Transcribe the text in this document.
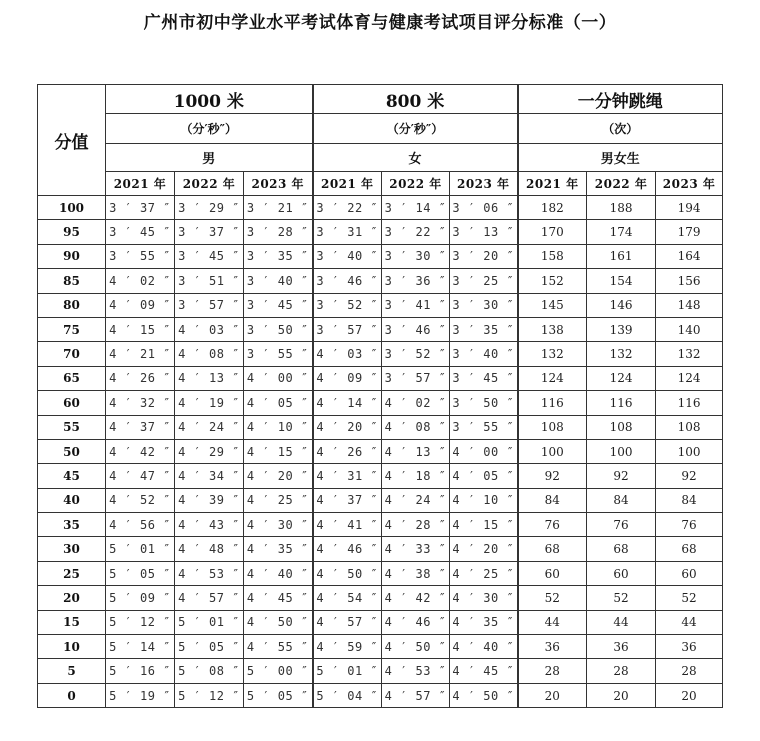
广州市初中学业水平考试体育与健康考试项目评分标准（一）
分值	1000 米			800 米			一分钟跳绳		
	（分′秒″）			（分′秒″）			（次）		
	男			女			男女生		
	2021 年	2022 年	2023 年	2021 年	2022 年	2023 年	2021 年	2022 年	2023 年
100	3 ′ 37 ″	3 ′ 29 ″	3 ′ 21 ″	3 ′ 22 ″	3 ′ 14 ″	3 ′ 06 ″	182	188	194
95	3 ′ 45 ″	3 ′ 37 ″	3 ′ 28 ″	3 ′ 31 ″	3 ′ 22 ″	3 ′ 13 ″	170	174	179
90	3 ′ 55 ″	3 ′ 45 ″	3 ′ 35 ″	3 ′ 40 ″	3 ′ 30 ″	3 ′ 20 ″	158	161	164
85	4 ′ 02 ″	3 ′ 51 ″	3 ′ 40 ″	3 ′ 46 ″	3 ′ 36 ″	3 ′ 25 ″	152	154	156
80	4 ′ 09 ″	3 ′ 57 ″	3 ′ 45 ″	3 ′ 52 ″	3 ′ 41 ″	3 ′ 30 ″	145	146	148
75	4 ′ 15 ″	4 ′ 03 ″	3 ′ 50 ″	3 ′ 57 ″	3 ′ 46 ″	3 ′ 35 ″	138	139	140
70	4 ′ 21 ″	4 ′ 08 ″	3 ′ 55 ″	4 ′ 03 ″	3 ′ 52 ″	3 ′ 40 ″	132	132	132
65	4 ′ 26 ″	4 ′ 13 ″	4 ′ 00 ″	4 ′ 09 ″	3 ′ 57 ″	3 ′ 45 ″	124	124	124
60	4 ′ 32 ″	4 ′ 19 ″	4 ′ 05 ″	4 ′ 14 ″	4 ′ 02 ″	3 ′ 50 ″	116	116	116
55	4 ′ 37 ″	4 ′ 24 ″	4 ′ 10 ″	4 ′ 20 ″	4 ′ 08 ″	3 ′ 55 ″	108	108	108
50	4 ′ 42 ″	4 ′ 29 ″	4 ′ 15 ″	4 ′ 26 ″	4 ′ 13 ″	4 ′ 00 ″	100	100	100
45	4 ′ 47 ″	4 ′ 34 ″	4 ′ 20 ″	4 ′ 31 ″	4 ′ 18 ″	4 ′ 05 ″	92	92	92
40	4 ′ 52 ″	4 ′ 39 ″	4 ′ 25 ″	4 ′ 37 ″	4 ′ 24 ″	4 ′ 10 ″	84	84	84
35	4 ′ 56 ″	4 ′ 43 ″	4 ′ 30 ″	4 ′ 41 ″	4 ′ 28 ″	4 ′ 15 ″	76	76	76
30	5 ′ 01 ″	4 ′ 48 ″	4 ′ 35 ″	4 ′ 46 ″	4 ′ 33 ″	4 ′ 20 ″	68	68	68
25	5 ′ 05 ″	4 ′ 53 ″	4 ′ 40 ″	4 ′ 50 ″	4 ′ 38 ″	4 ′ 25 ″	60	60	60
20	5 ′ 09 ″	4 ′ 57 ″	4 ′ 45 ″	4 ′ 54 ″	4 ′ 42 ″	4 ′ 30 ″	52	52	52
15	5 ′ 12 ″	5 ′ 01 ″	4 ′ 50 ″	4 ′ 57 ″	4 ′ 46 ″	4 ′ 35 ″	44	44	44
10	5 ′ 14 ″	5 ′ 05 ″	4 ′ 55 ″	4 ′ 59 ″	4 ′ 50 ″	4 ′ 40 ″	36	36	36
5	5 ′ 16 ″	5 ′ 08 ″	5 ′ 00 ″	5 ′ 01 ″	4 ′ 53 ″	4 ′ 45 ″	28	28	28
0	5 ′ 19 ″	5 ′ 12 ″	5 ′ 05 ″	5 ′ 04 ″	4 ′ 57 ″	4 ′ 50 ″	20	20	20
